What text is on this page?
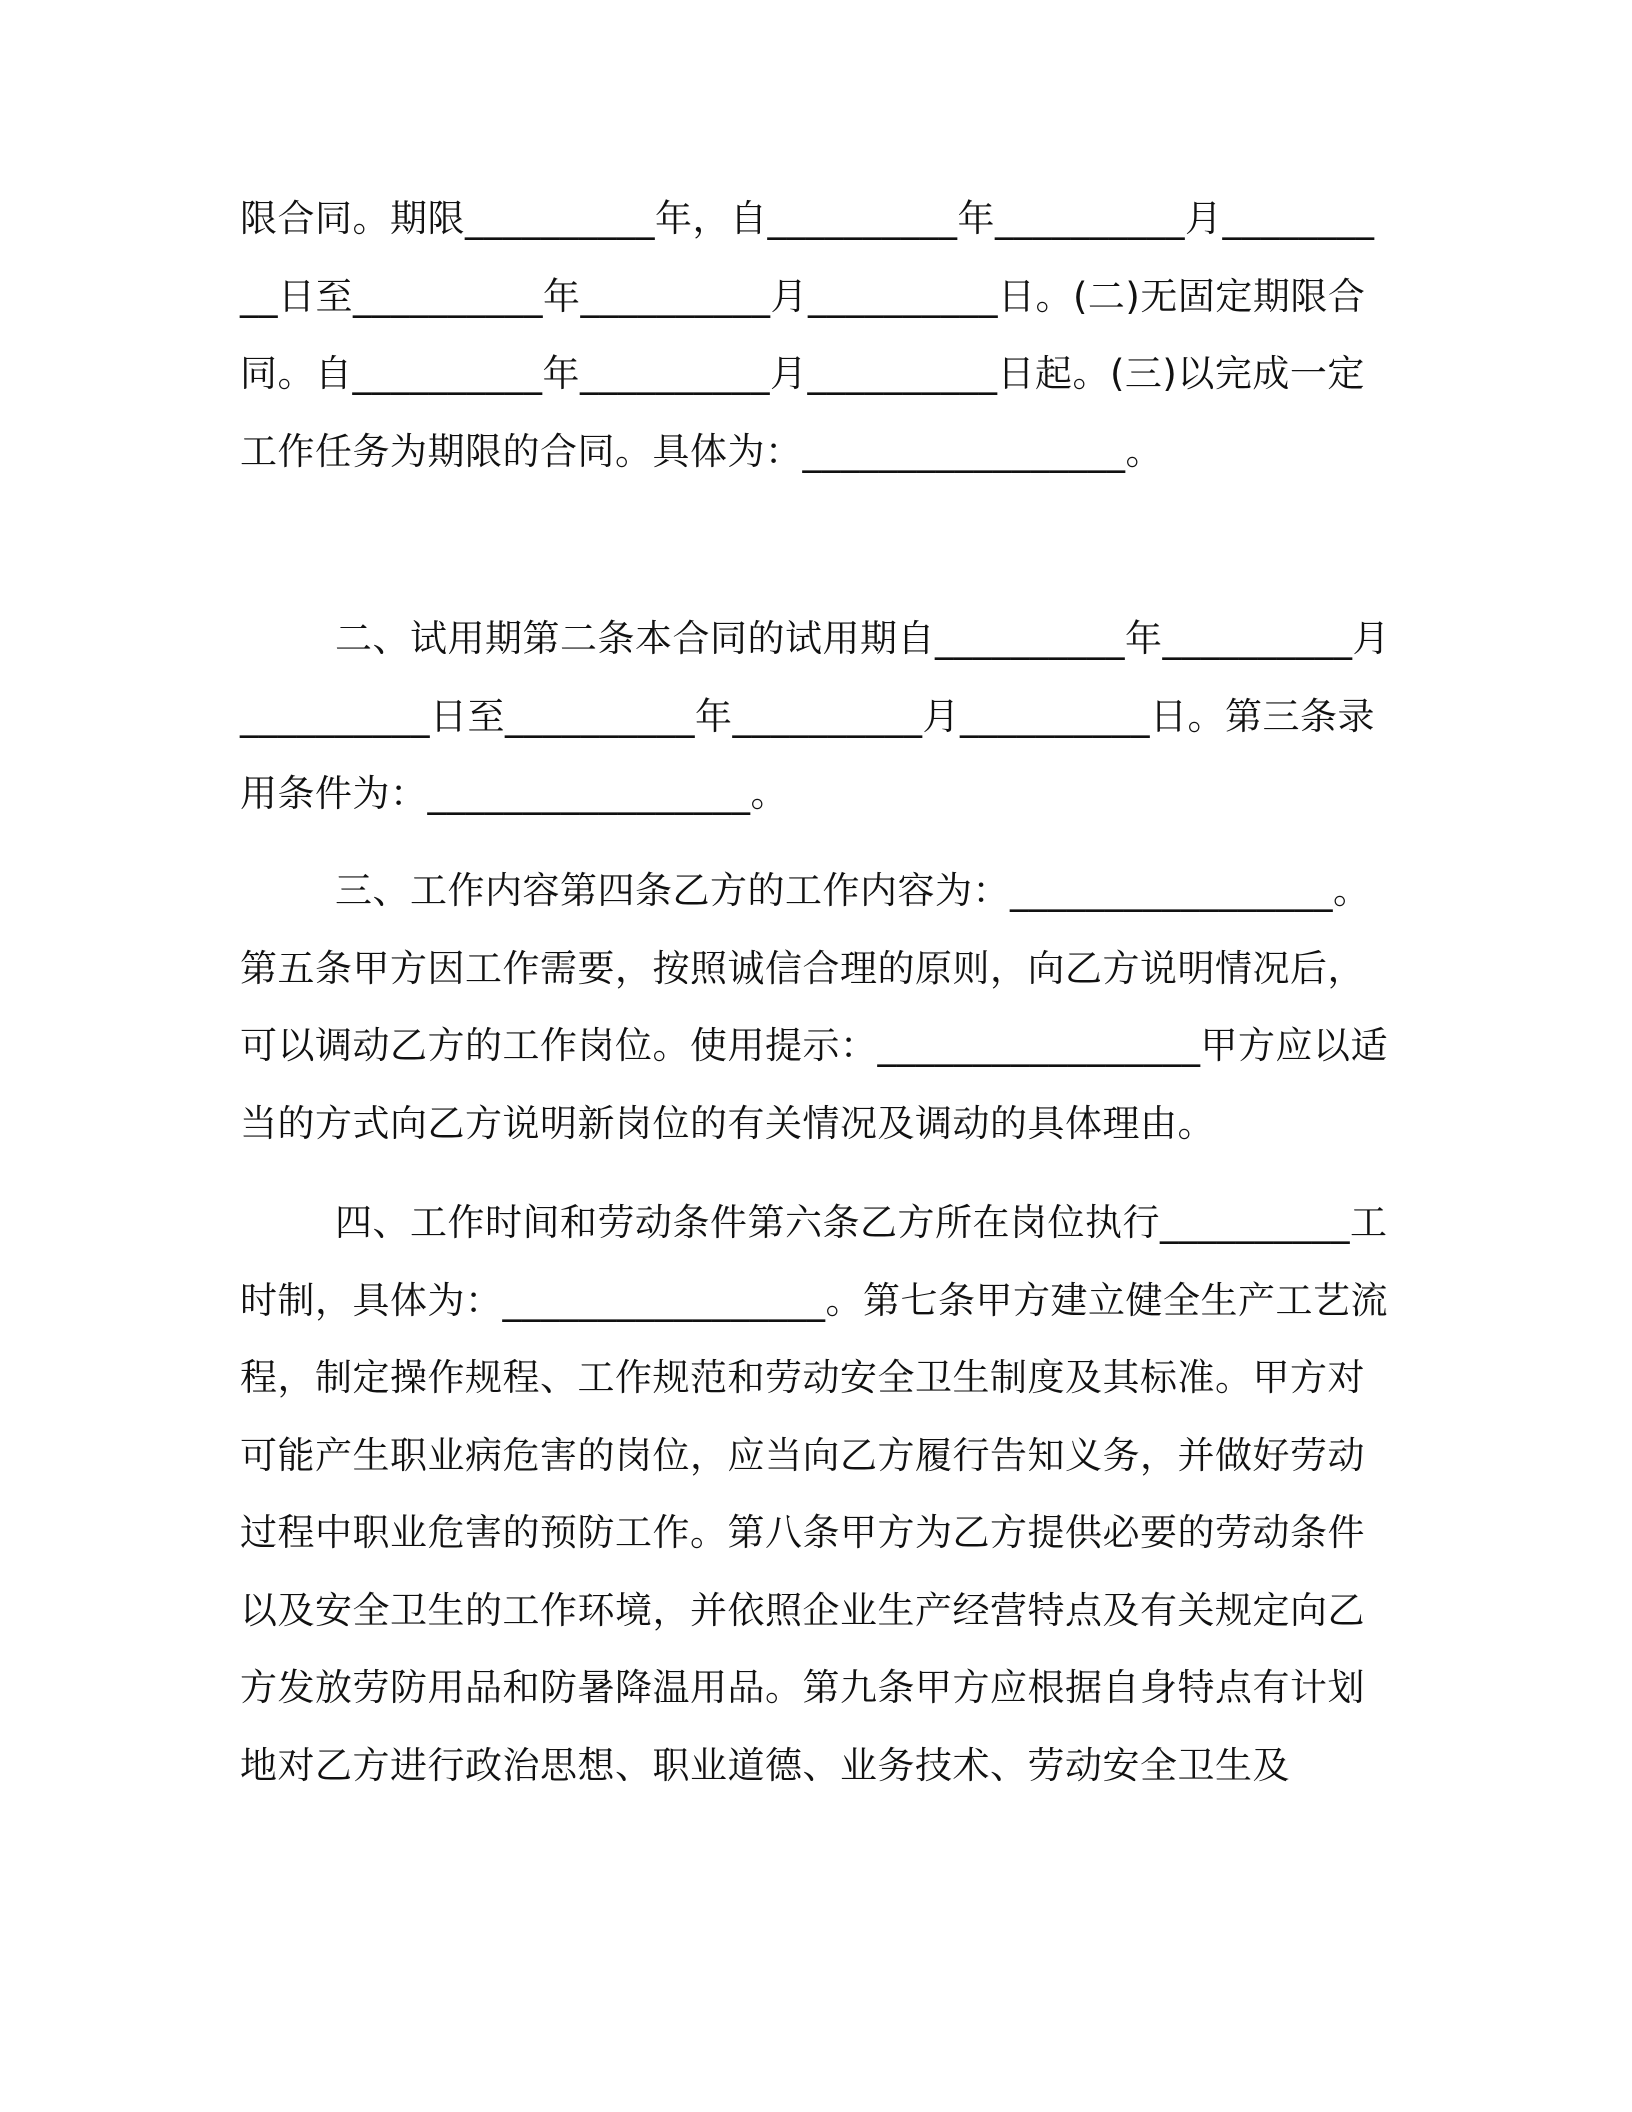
限合同。期限__________年，自__________年__________月__________日至__________年__________月__________日。(二)无固定期限合同。自__________年__________月__________日起。(三)以完成一定工作任务为期限的合同。具体为：_________________。

二、试用期第二条本合同的试用期自__________年__________月__________日至__________年__________月__________日。第三条录用条件为：_________________。

三、工作内容第四条乙方的工作内容为：_________________。第五条甲方因工作需要，按照诚信合理的原则，向乙方说明情况后，可以调动乙方的工作岗位。使用提示：_________________甲方应以适当的方式向乙方说明新岗位的有关情况及调动的具体理由。

四、工作时间和劳动条件第六条乙方所在岗位执行__________工时制，具体为：_________________。第七条甲方建立健全生产工艺流程，制定操作规程、工作规范和劳动安全卫生制度及其标准。甲方对可能产生职业病危害的岗位，应当向乙方履行告知义务，并做好劳动过程中职业危害的预防工作。第八条甲方为乙方提供必要的劳动条件以及安全卫生的工作环境，并依照企业生产经营特点及有关规定向乙方发放劳防用品和防暑降温用品。第九条甲方应根据自身特点有计划地对乙方进行政治思想、职业道德、业务技术、劳动安全卫生及
